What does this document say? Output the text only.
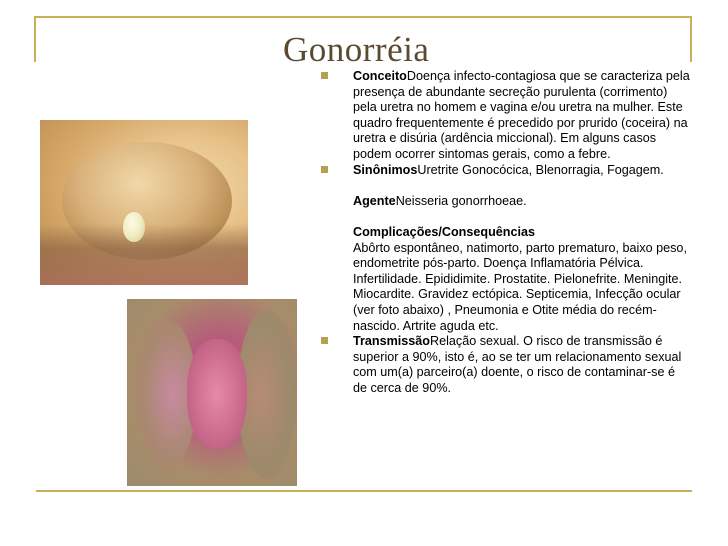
Gonorréia

ConceitoDoença infecto-contagiosa que se caracteriza pela presença de abundante secreção purulenta (corrimento) pela uretra no homem e vagina e/ou uretra na mulher. Este quadro frequentemente é precedido por prurido (coceira) na uretra e disúria (ardência miccional). Em alguns casos podem ocorrer sintomas gerais, como a febre.

SinônimosUretrite Gonocócica, Blenorragia, Fogagem.

AgenteNeisseria gonorrhoeae.

Complicações/Consequências
Abôrto espontâneo, natimorto, parto prematuro, baixo peso, endometrite pós-parto. Doença Inflamatória Pélvica. Infertilidade. Epididimite. Prostatite. Pielonefrite. Meningite. Miocardite. Gravidez ectópica. Septicemia, Infecção ocular (ver foto abaixo) , Pneumonia e Otite média do recém-nascido. Artrite aguda etc.

TransmissãoRelação sexual. O risco de transmissão é superior a 90%, isto é, ao se ter um relacionamento sexual com um(a) parceiro(a) doente, o risco de contaminar-se é de cerca de 90%.
